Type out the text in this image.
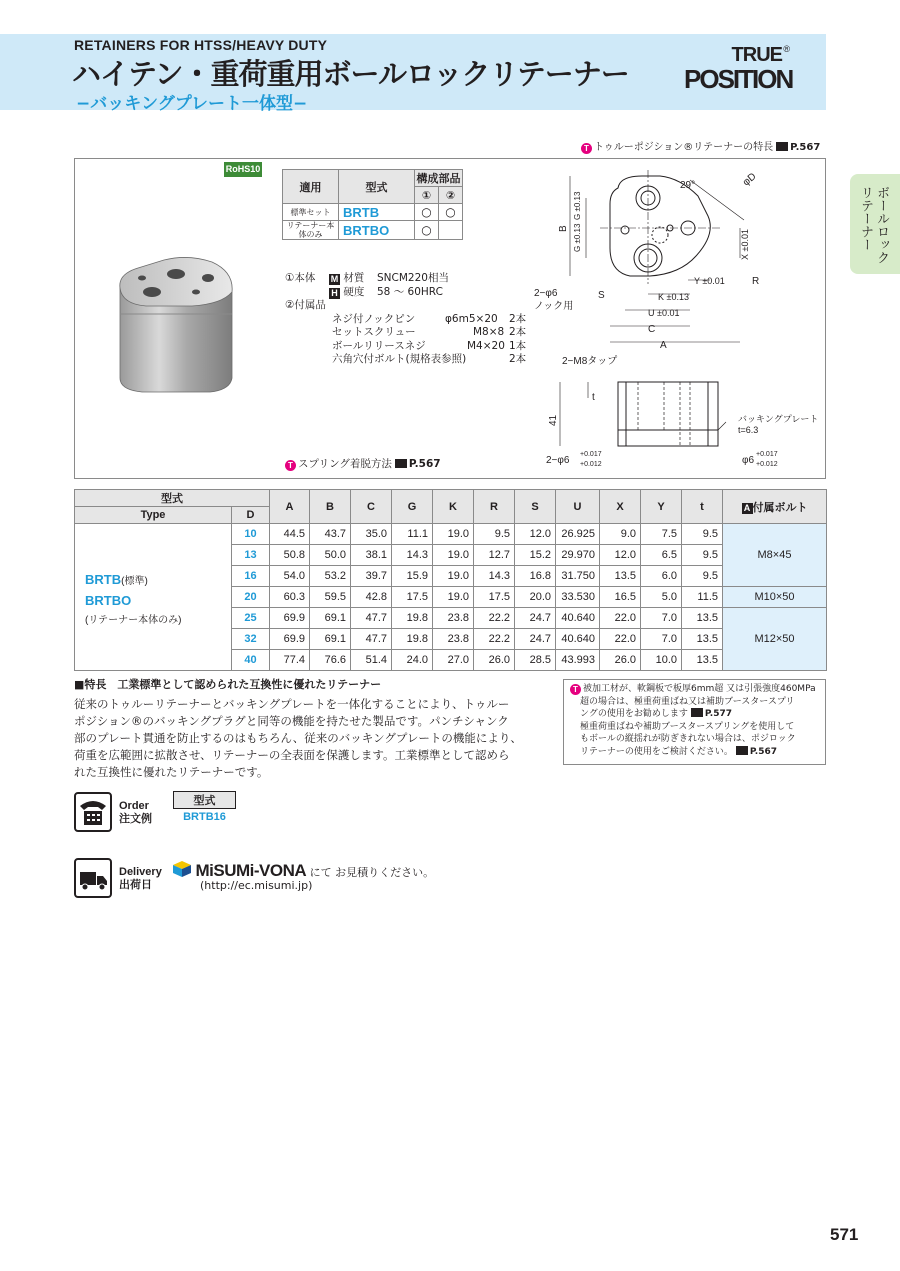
RETAINERS FOR HTSS/HEAVY DUTY
ハイテン・重荷重用ボールロックリテーナー
−バッキングプレート一体型−
TRUE ®
POSITION
ボールロック
リテーナー
T トゥルーポジション®リテーナーの特長 P.567
RoHS10
適用	型式	構成部品	
		①	②
標準セット	BRTB	○	○
リテーナー本体のみ	BRTBO	○	
①本体 M 材質 SNCM220相当
H 硬度 58 ～ 60HRC
②付属品
ネジ付ノックピン	φ6m5×20 2本
セットスクリュー	M8×8 2本
ボールリリースネジ	M4×20 1本
六角穴付ボルト(規格表参照)	2本
T スプリング着脱方法 P.567
29°	φD
B
G ±0.13
G ±0.13
S
R
Y ±0.01
K ±0.13
U ±0.01
C
A
X ±0.01
2−φ6
ノック用
2−M8タップ
t
41	バッキングプレート
t=6.3
2−φ6
+0.017
+0.012	φ6
+0.017
+0.012
型式		A	B	C	G	K	R	S	U	X	Y	t	A 付属ボルト
Type	D												

BRTB(標準)
BRTBO
(リテーナー本体のみ)	10	44.5	43.7	35.0	11.1	19.0	9.5	12.0	26.925	9.0	7.5	9.5	M8×45
	13	50.8	50.0	38.1	14.3	19.0	12.7	15.2	29.970	12.0	6.5	9.5	
	16	54.0	53.2	39.7	15.9	19.0	14.3	16.8	31.750	13.5	6.0	9.5	
	20	60.3	59.5	42.8	17.5	19.0	17.5	20.0	33.530	16.5	5.0	11.5	M10×50
	25	69.9	69.1	47.7	19.8	23.8	22.2	24.7	40.640	22.0	7.0	13.5	M12×50
	32	69.9	69.1	47.7	19.8	23.8	22.2	24.7	40.640	22.0	7.0	13.5	
	40	77.4	76.6	51.4	24.0	27.0	26.0	28.5	43.993	26.0	10.0	13.5	
■特長　工業標準として認められた互換性に優れたリテーナー
従来のトゥルーリテーナーとバッキングプレートを一体化することにより、トゥルー
ポジション®のバッキングプラグと同等の機能を持たせた製品です。パンチシャンク
部のプレート貫通を防止するのはもちろん、従来のバッキングプレートの機能により、
荷重を広範囲に拡散させ、リテーナーの全表面を保護します。工業標準として認めら
れた互換性に優れたリテーナーです。
T 被加工材が、軟鋼板で板厚6mm超 又は引張強度460MPa
超の場合は、極重荷重ばね又は補助ブースタースプリ
ングの使用をお勧めします P.577
極重荷重ばねや補助ブースタースプリングを使用して
もボールの縦揺れが防ぎきれない場合は、ポジロック
リテーナーの使用をご検討ください。 P.567
Order
注文例
型式
BRTB16
Delivery
出荷日
MiSUMi-VONA にて お見積りください。
(http://ec.misumi.jp)
571
